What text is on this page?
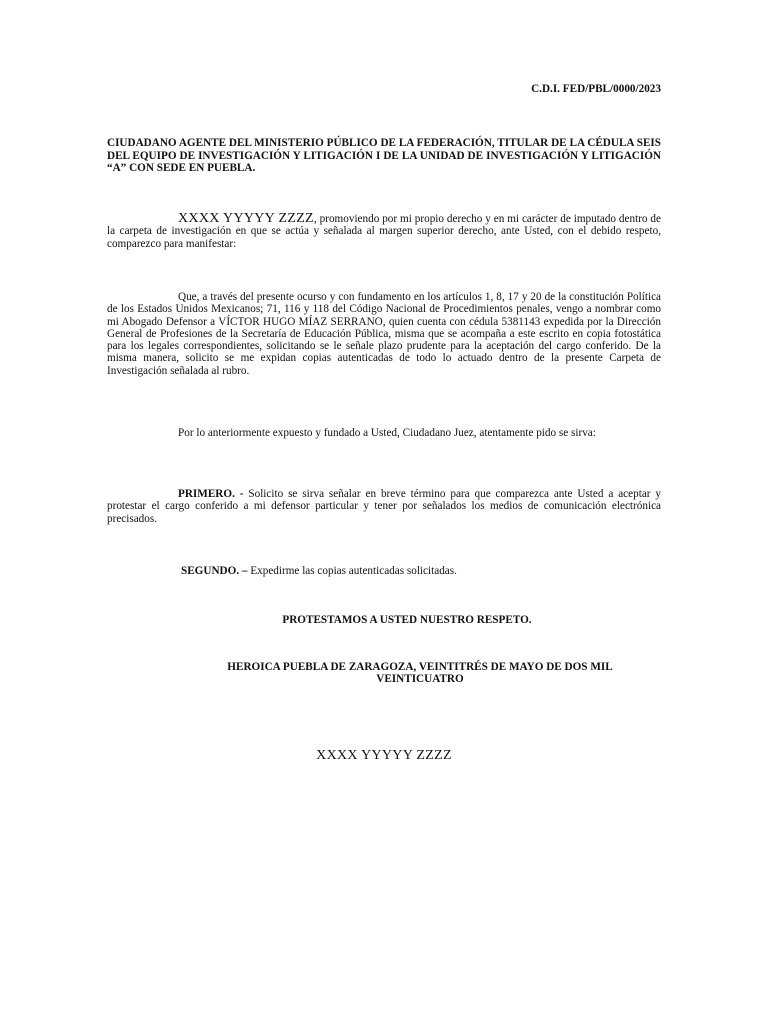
C.D.I. FED/PBL/0000/2023

CIUDADANO AGENTE DEL MINISTERIO PÚBLICO DE LA FEDERACIÓN, TITULAR DE LA CÉDULA SEIS DEL EQUIPO DE INVESTIGACIÓN Y LITIGACIÓN I DE LA UNIDAD DE INVESTIGACIÓN Y LITIGACIÓN “A” CON SEDE EN PUEBLA.

XXXX YYYYY ZZZZ, promoviendo por mi propio derecho y en mi carácter de imputado dentro de la carpeta de investigación en que se actúa y señalada al margen superior derecho, ante Usted, con el debido respeto, comparezco para manifestar:

Que, a través del presente ocurso y con fundamento en los artículos 1, 8, 17 y 20 de la constitución Política de los Estados Unidos Mexicanos; 71, 116 y 118 del Código Nacional de Procedimientos penales, vengo a nombrar como mi Abogado Defensor a VÍCTOR HUGO MÍAZ SERRANO, quien cuenta con cédula 5381143 expedida por la Dirección General de Profesiones de la Secretaría de Educación Pública, misma que se acompaña a este escrito en copia fotostática para los legales correspondientes, solicitando se le señale plazo prudente para la aceptación del cargo conferido. De la misma manera, solicito se me expidan copias autenticadas de todo lo actuado dentro de la presente Carpeta de Investigación señalada al rubro.

Por lo anteriormente expuesto y fundado a Usted, Ciudadano Juez, atentamente pido se sirva:

PRIMERO. - Solicito se sirva señalar en breve término para que comparezca ante Usted a aceptar y protestar el cargo conferido a mi defensor particular y tener por señalados los medios de comunicación electrónica precisados.

SEGUNDO. – Expedirme las copias autenticadas solicitadas.

PROTESTAMOS A USTED NUESTRO RESPETO.

HEROICA PUEBLA DE ZARAGOZA, VEINTITRÉS DE MAYO DE DOS MIL
VEINTICUATRO

XXXX YYYYY ZZZZ
